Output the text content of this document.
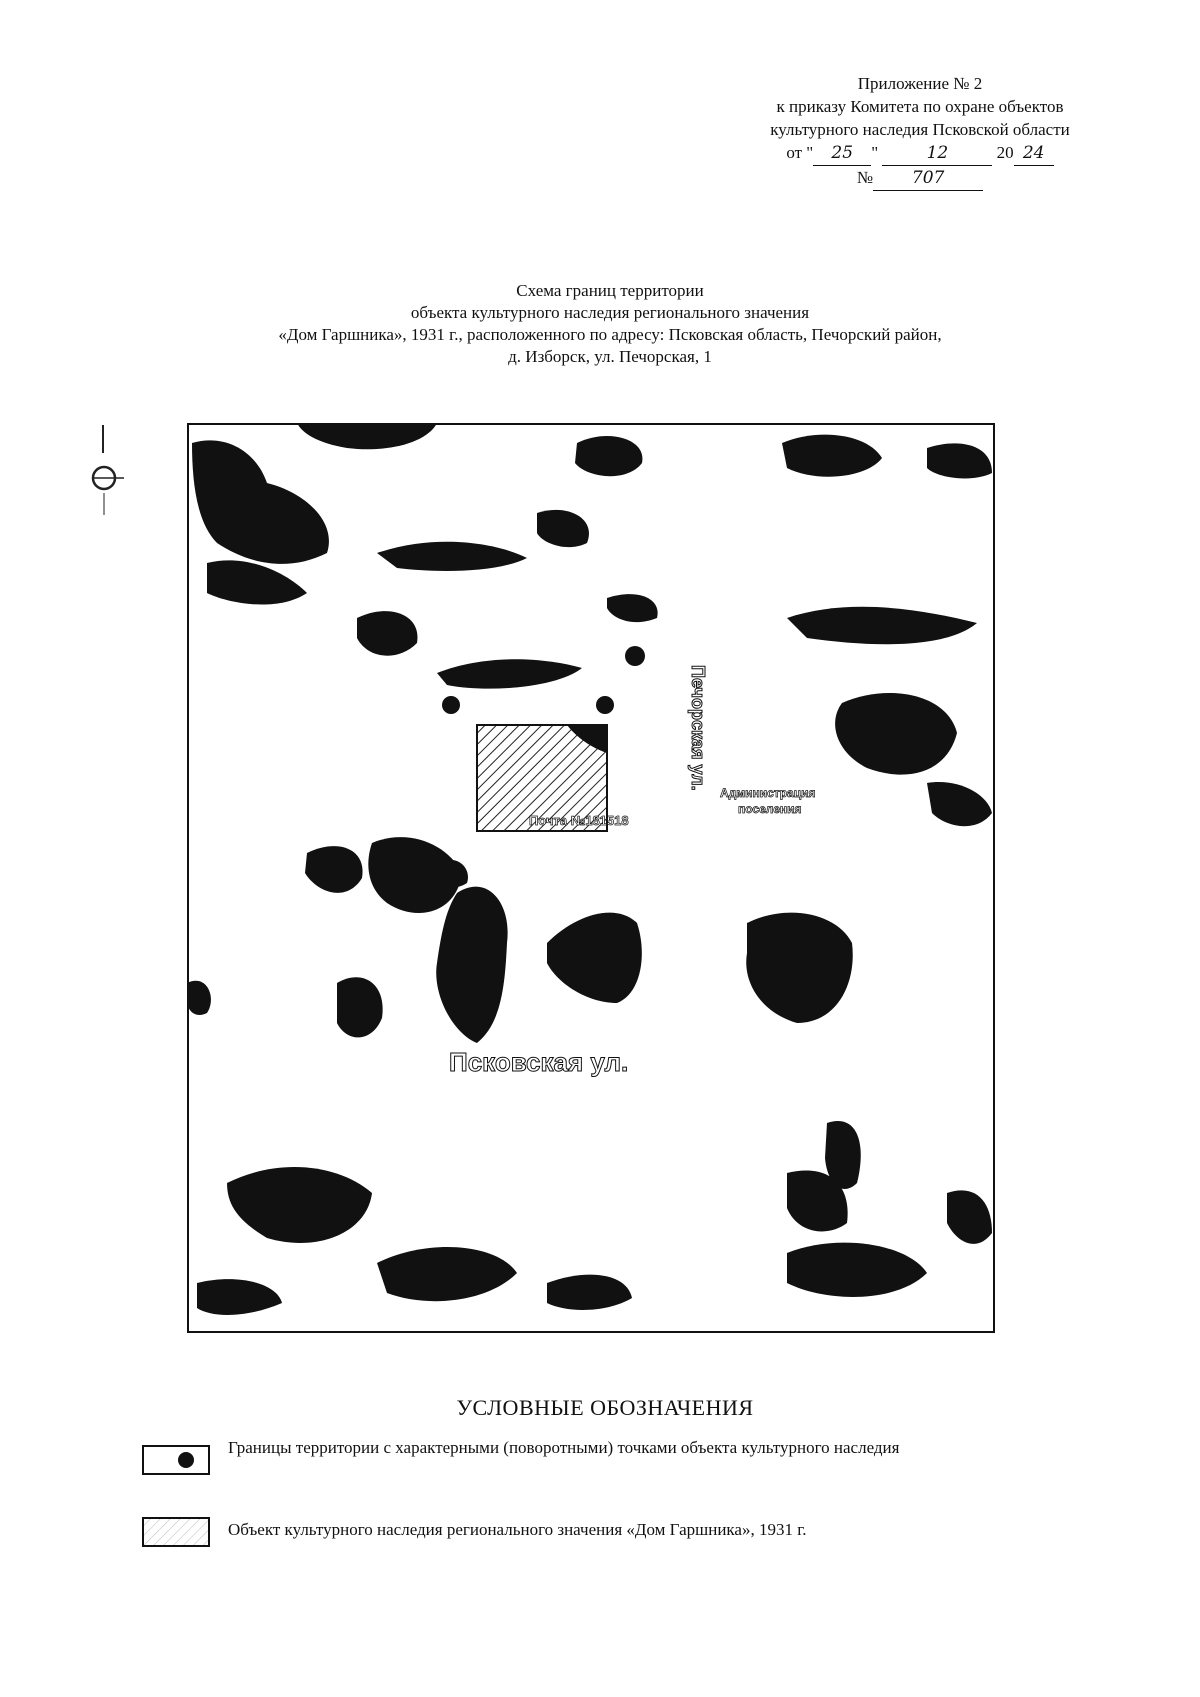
Приложение № 2
к приказу Комитета по охране объектов
культурного наследия Псковской области
от " 25 "	12	20 24
№ 707
Схема границ территории
объекта культурного наследия регионального значения
«Дом Гаршника», 1931 г., расположенного по адресу: Псковская область, Печорский район,
д. Изборск, ул. Печорская, 1
Печорская ул.
Псковская ул.
Администрация
поселения
Почта №181518
УСЛОВНЫЕ ОБОЗНАЧЕНИЯ
Границы территории с характерными (поворотными) точками объекта культурного наследия
Объект культурного наследия регионального значения «Дом Гаршника», 1931 г.
